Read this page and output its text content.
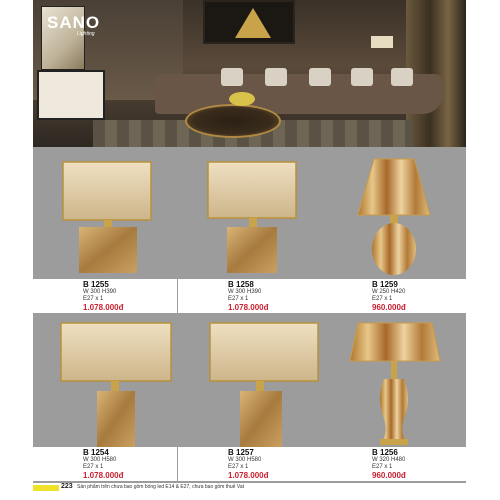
SANO
Lighting
B 1255
W 300 H390
E27 x 1
1.078.000đ
B 1258
W 300 H390
E27 x 1
1.078.000đ
B 1259
W 250 H420
E27 x 1
960.000đ
B 1254
W 300 H580
E27 x 1
1.078.000đ
B 1257
W 300 H580
E27 x 1
1.078.000đ
B 1256
W 320 H480
E27 x 1
960.000đ
223 Sản phẩm trên chưa bao gồm bóng led E14 & E27, chưa bao gồm thuế Vat
